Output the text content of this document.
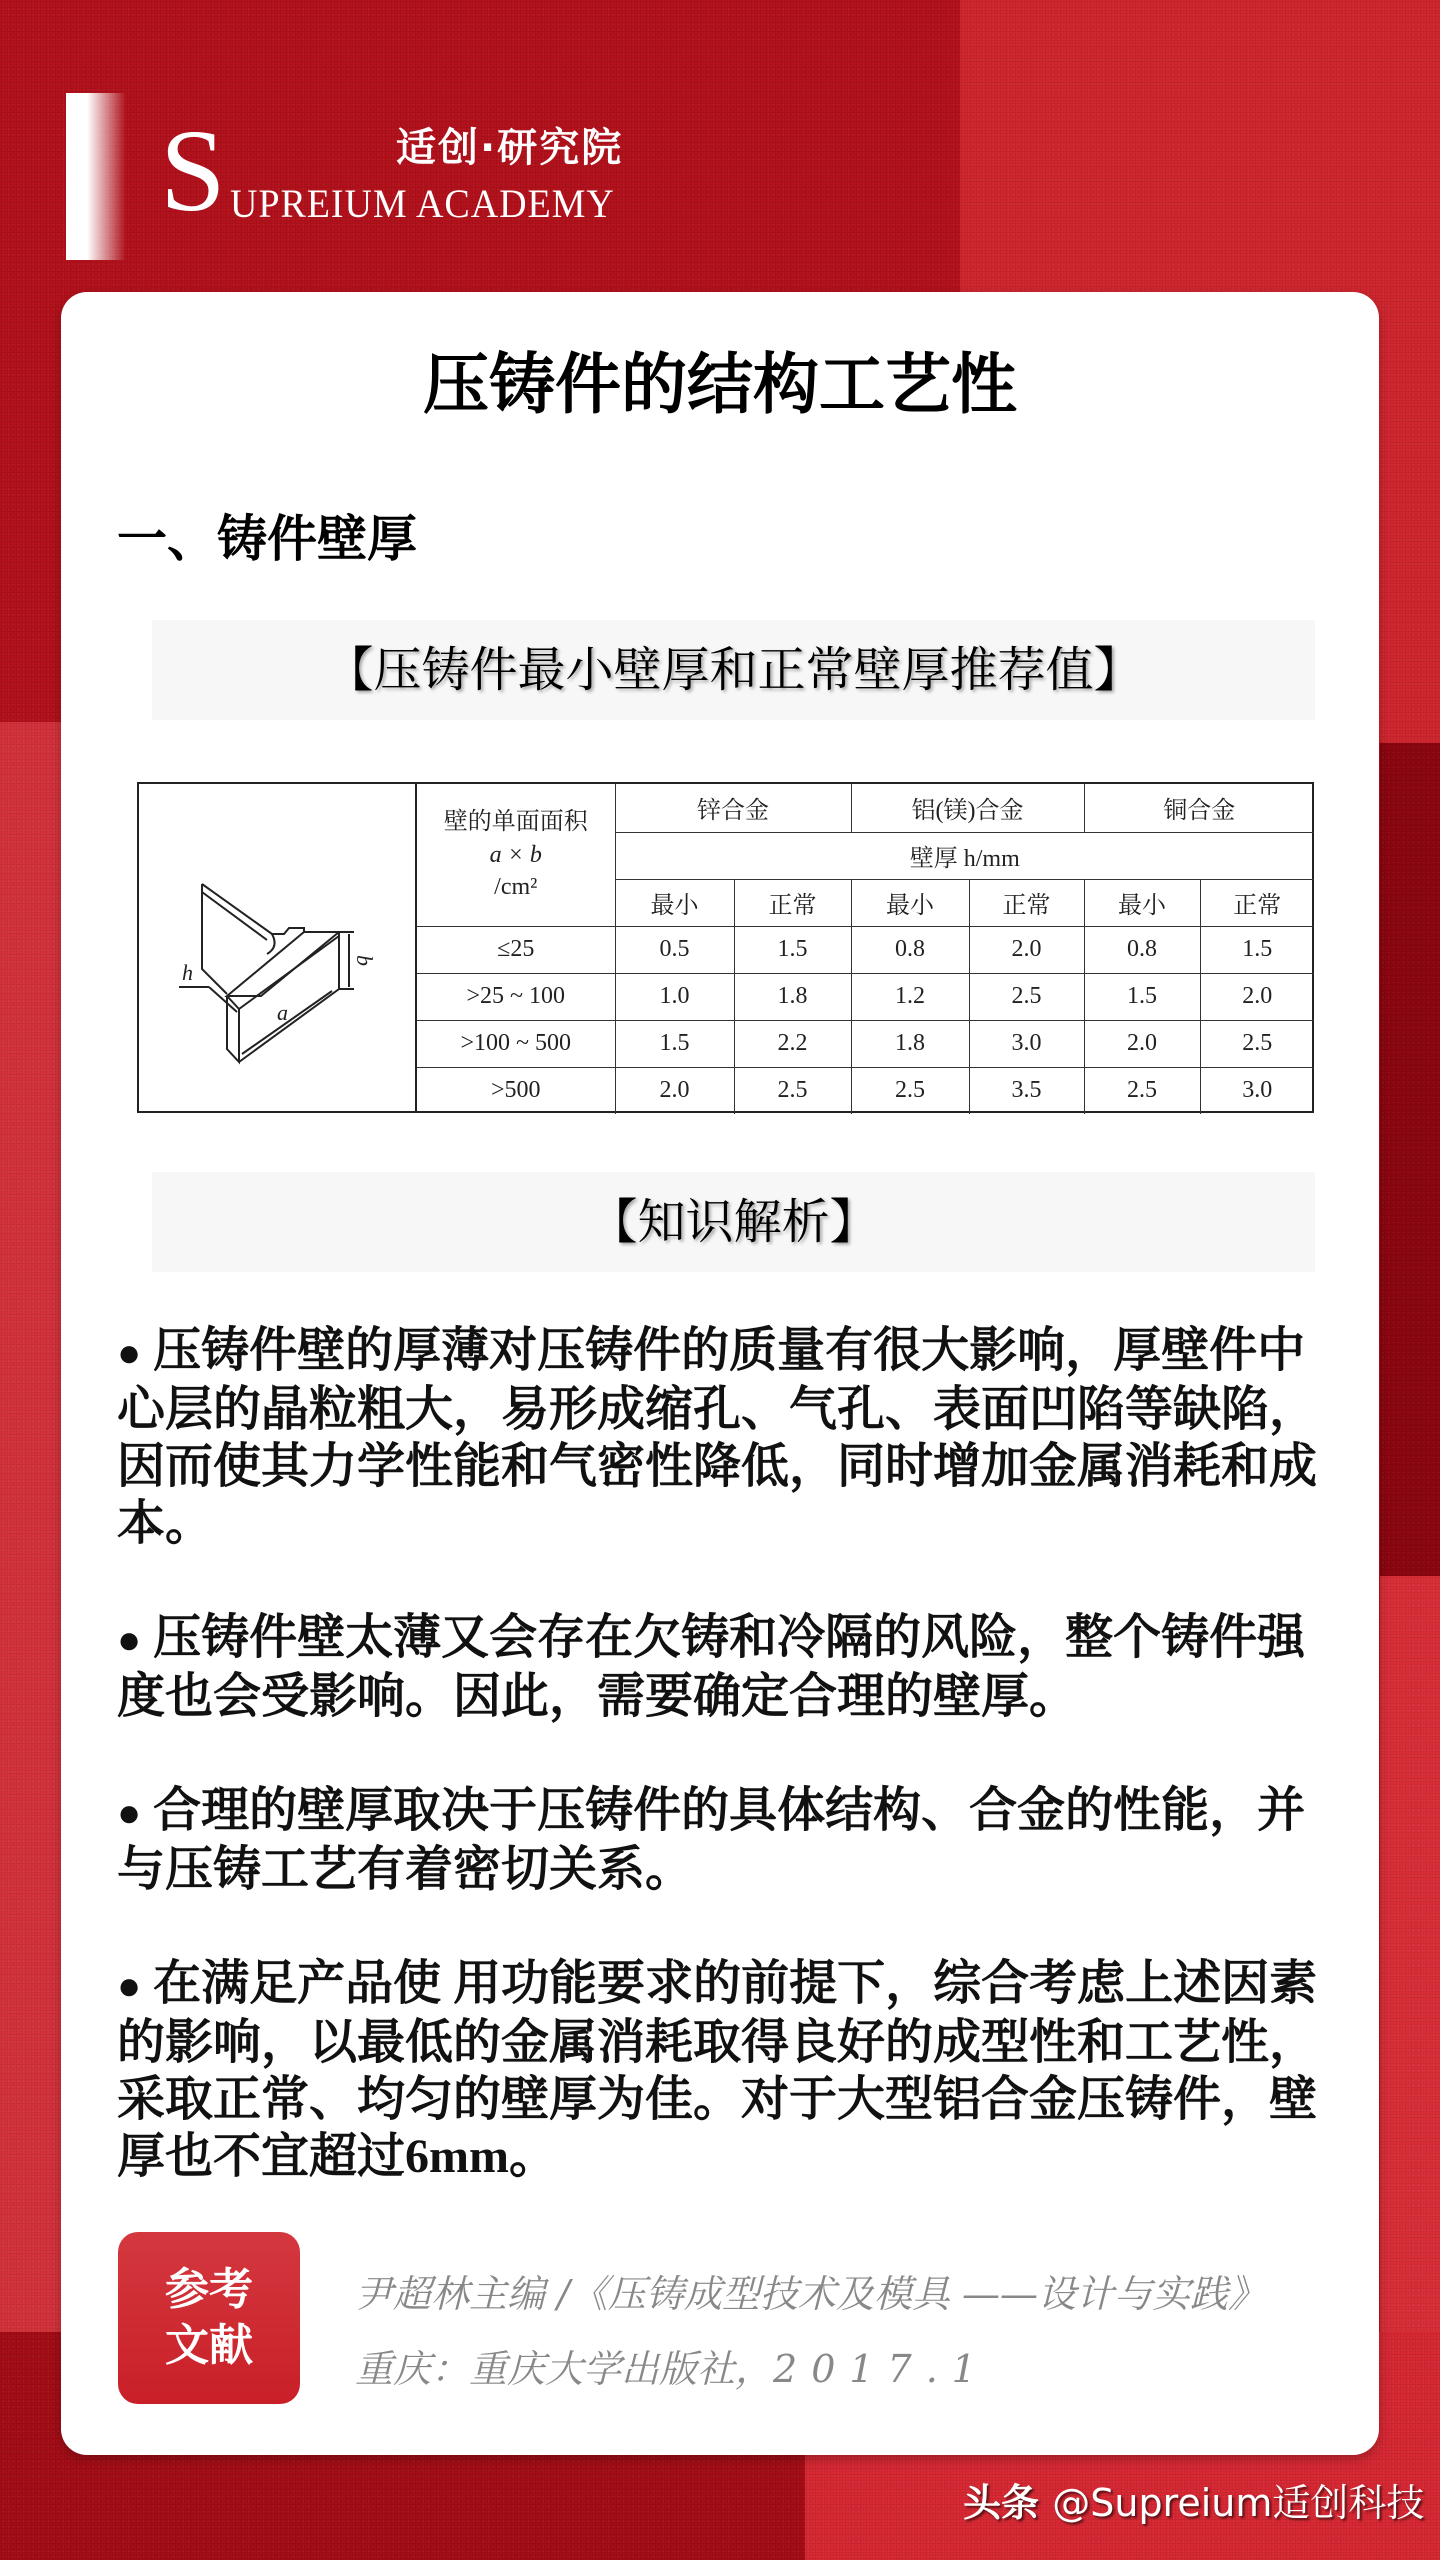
S	适创·研究院
UPREIUM ACADEMY
压铸件的结构工艺性
一、铸件壁厚
【压铸件最小壁厚和正常壁厚推荐值】
h
a
b
壁的单面面积
a × b
/cm²	锌合金		铝(镁)合金		铜合金	
	壁厚 h/mm					
	最小	正常	最小	正常	最小	正常
≤25	0.5	1.5	0.8	2.0	0.8	1.5
>25 ~ 100	1.0	1.8	1.2	2.5	1.5	2.0
>100 ~ 500	1.5	2.2	1.8	3.0	2.0	2.5
>500	2.0	2.5	2.5	3.5	2.5	3.0
【知识解析】

● 压铸件壁的厚薄对压铸件的质量有很大影响，厚壁件中心层的晶粒粗大，易形成缩孔、气孔、表面凹陷等缺陷，因而使其力学性能和气密性降低，同时增加金属消耗和成本。

● 压铸件壁太薄又会存在欠铸和冷隔的风险，整个铸件强度也会受影响。因此，需要确定合理的壁厚。

● 合理的壁厚取决于压铸件的具体结构、合金的性能，并与压铸工艺有着密切关系。

● 在满足产品使 用功能要求的前提下，综合考虑上述因素的影响，以最低的金属消耗取得良好的成型性和工艺性，采取正常、均匀的壁厚为佳。对于大型铝合金压铸件，壁厚也不宜超过6mm。

参考文献
尹超林主编 /《压铸成型技术及模具 ——设计与实践》
重庆：重庆大学出版社，2017.1
头条 @Supreium适创科技
